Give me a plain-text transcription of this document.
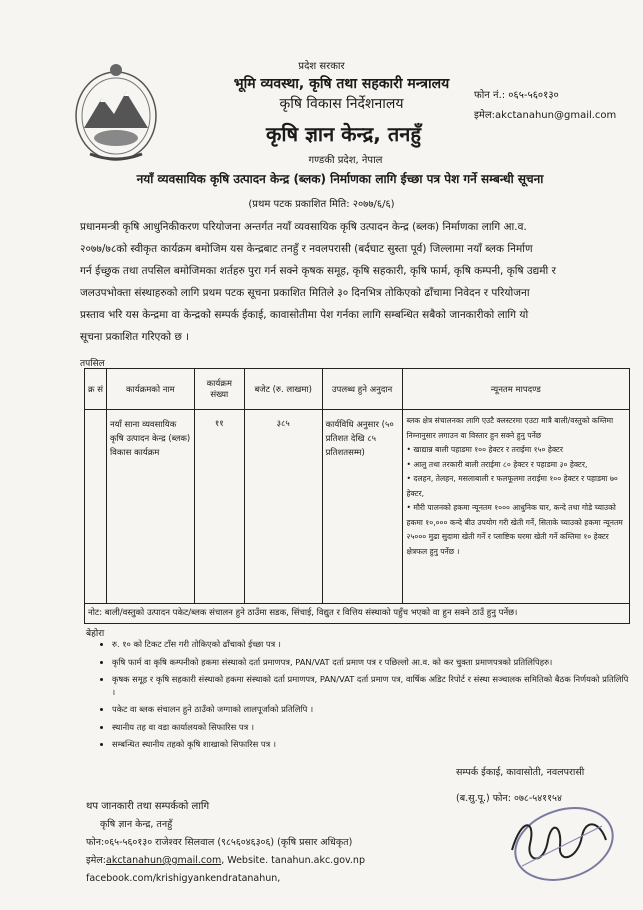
प्रदेश सरकार
भूमि व्यवस्था, कृषि तथा सहकारी मन्त्रालय
कृषि विकास निर्देशनालय
कृषि ज्ञान केन्द्र, तनहुँ
गण्डकी प्रदेश, नेपाल
फोन नं.: ०६५-५६०१३०
इमेल:akctanahun@gmail.com
नयाँ व्यवसायिक कृषि उत्पादन केन्द्र (ब्लक) निर्माणका लागि ईच्छा पत्र पेश गर्ने सम्बन्धी सूचना
(प्रथम पटक प्रकाशित मिति: २०७७/६/६)
प्रधानमन्त्री कृषि आधुनिकीकरण परियोजना अन्तर्गत नयाँ व्यवसायिक कृषि उत्पादन केन्द्र (ब्लक) निर्माणका लागि आ.व.
२०७७/७८को स्वीकृत कार्यक्रम बमोजिम यस केन्द्रबाट तनहुँ र नवलपरासी (बर्दघाट सुस्ता पूर्व) जिल्लामा नयाँ ब्लक निर्माण
गर्न ईच्छुक तथा तपसिल बमोजिमका शर्तहरु पुरा गर्न सक्ने कृषक समूह, कृषि सहकारी, कृषि फार्म, कृषि कम्पनी, कृषि उद्यमी र
जलउपभोक्ता संस्थाहरुको लागि प्रथम पटक सूचना प्रकाशित मितिले ३० दिनभित्र तोकिएको ढाँचामा निवेदन र परियोजना
प्रस्ताव भरि यस केन्द्रमा वा केन्द्रको सम्पर्क ईकाई, कावासोतीमा पेश गर्नका लागि सम्बन्धित सबैको जानकारीको लागि यो
सूचना प्रकाशित गरिएको छ ।
तपसिल
क्र सं	कार्यक्रमको नाम	कार्यक्रम संख्या	बजेट (रु. लाखमा)	उपलब्ध हुने अनुदान	न्यूनतम मापदण्ड
	नयाँ साना व्यवसायिक कृषि उत्पादन केन्द्र (ब्लक) विकास कार्यक्रम	११	३८५	कार्यविधि अनुसार (५० प्रतिशत देखि ८५ प्रतिशतसम्म)	ब्लक क्षेत्र संचालनका लागि एउटै क्लस्टरमा एउटा मात्रै बाली/वस्तुको कम्तिमा निम्नानुसार लगाउन वा विस्तार हुन सक्ने हुनु पर्नेछ
• खाद्यान्न बाली पहाडमा १०० हेक्टर र तराईमा १५० हेक्टर
• आलु तथा तरकारी बाली तराईमा ८० हेक्टर र पहाडमा ३० हेक्टर,
• दलहन, तेलहन, मसलाबाली र फलफूलमा तराईमा १०० हेक्टर र पहाडमा ७० हेक्टर,
• मौरी पालनको हकमा न्यूनतम १००० आधुनिक घार, कन्दे तथा गोडे च्याउको हकमा १०,००० कन्दे बीउ उपयोग गरी खेती गर्ने, सिताके च्याउको हकमा न्यूनतम २५००० मुढा सुदामा खेती गर्ने र प्लाष्टिक घरमा खेती गर्ने कम्तिमा १० हेक्टर क्षेत्रफल हुनु पर्नेछ ।

नोट: बाली/वस्तुको उत्पादन पकेट/ब्लक संचालन हुने ठाउँमा सडक, सिंचाई, विद्युत र वित्तिय संस्थाको पहुँच भएको वा हुन सक्ने ठाउँ हुनु पर्नेछ।					
बेहोरा
• रु. १० को टिकट टाँस गरी तोकिएको ढाँचाको ईच्छा पत्र ।
• कृषि फार्म वा कृषि कम्पनीको हकमा संस्थाको दर्ता प्रमाणपत्र, PAN/VAT दर्ता प्रमाण पत्र र पछिल्लो आ.व. को कर चुक्ता प्रमाणपत्रको प्रतिलिपिहरु।
• कृषक समूह र कृषि सहकारी संस्थाको हकमा संस्थाको दर्ता प्रमाणपत्र, PAN/VAT दर्ता प्रमाण पत्र, वार्षिक अडिट रिपोर्ट र संस्था सञ्चालक समितिको बैठक निर्णयको प्रतिलिपि ।
• पकेट वा ब्लक संचालन हुने ठाउँको जग्गाको लालपूर्जाको प्रतिलिपि ।
• स्थानीय तह वा वडा कार्यालयको सिफारिस पत्र ।
• सम्बन्धित स्थानीय तहको कृषि शाखाको सिफारिस पत्र ।
सम्पर्क ईकाई, कावासोती, नवलपरासी
(ब.सु.पू.) फोन: ०७८-५४११५४
थप जानकारी तथा सम्पर्कको लागि
कृषि ज्ञान केन्द्र, तनहुँ
फोन:०६५-५६०१३० राजेश्वर सिलवाल (९८५६०४६३०६) (कृषि प्रसार अधिकृत)
इमेल:akctanahun@gmail.com, Website. tanahun.akc.gov.np
facebook.com/krishigyankendratanahun,
